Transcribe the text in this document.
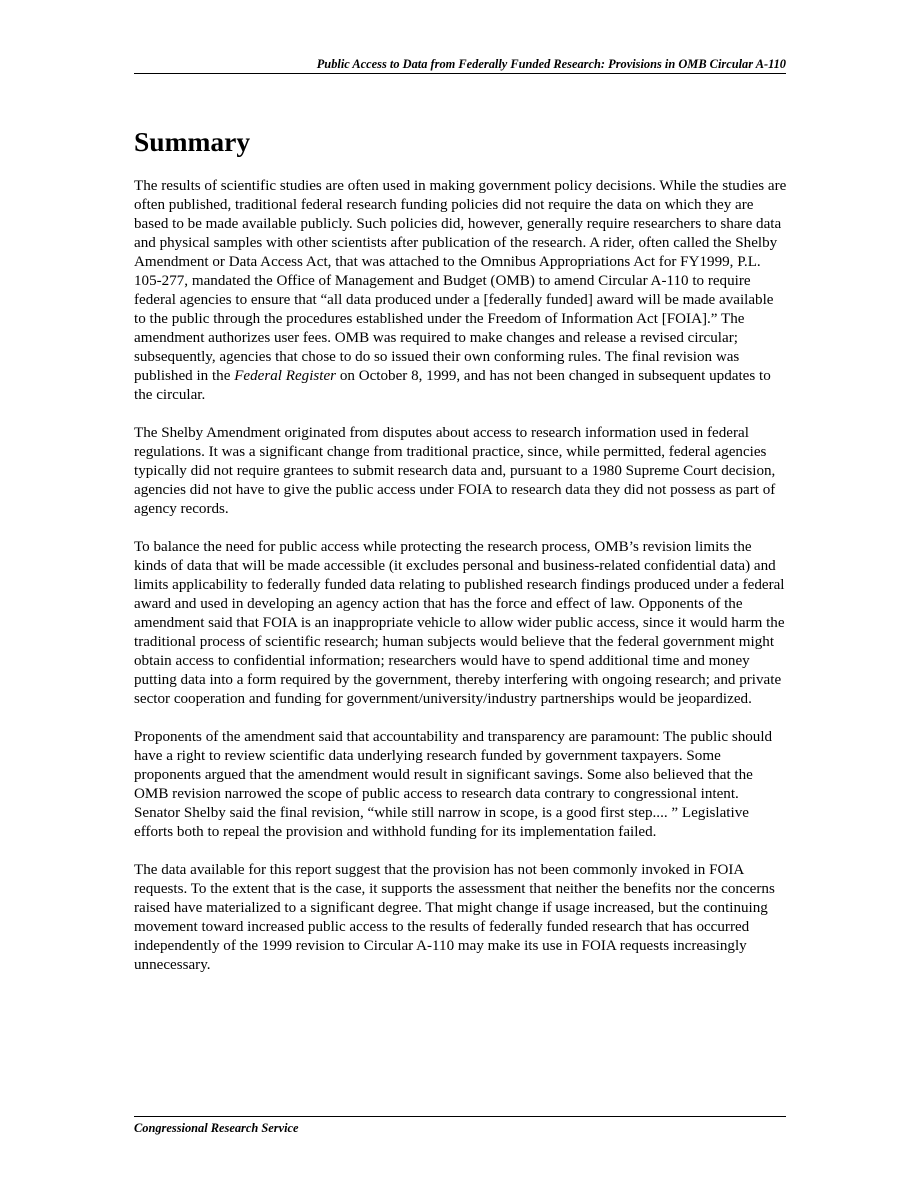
Public Access to Data from Federally Funded Research: Provisions in OMB Circular A-110
Summary

The results of scientific studies are often used in making government policy decisions. While the studies are often published, traditional federal research funding policies did not require the data on which they are based to be made available publicly. Such policies did, however, generally require researchers to share data and physical samples with other scientists after publication of the research. A rider, often called the Shelby Amendment or Data Access Act, that was attached to the Omnibus Appropriations Act for FY1999, P.L. 105-277, mandated the Office of Management and Budget (OMB) to amend Circular A-110 to require federal agencies to ensure that “all data produced under a [federally funded] award will be made available to the public through the procedures established under the Freedom of Information Act [FOIA].” The amendment authorizes user fees. OMB was required to make changes and release a revised circular; subsequently, agencies that chose to do so issued their own conforming rules. The final revision was published in the Federal Register on October 8, 1999, and has not been changed in subsequent updates to the circular.

The Shelby Amendment originated from disputes about access to research information used in federal regulations. It was a significant change from traditional practice, since, while permitted, federal agencies typically did not require grantees to submit research data and, pursuant to a 1980 Supreme Court decision, agencies did not have to give the public access under FOIA to research data they did not possess as part of agency records.

To balance the need for public access while protecting the research process, OMB’s revision limits the kinds of data that will be made accessible (it excludes personal and business-related confidential data) and limits applicability to federally funded data relating to published research findings produced under a federal award and used in developing an agency action that has the force and effect of law. Opponents of the amendment said that FOIA is an inappropriate vehicle to allow wider public access, since it would harm the traditional process of scientific research; human subjects would believe that the federal government might obtain access to confidential information; researchers would have to spend additional time and money putting data into a form required by the government, thereby interfering with ongoing research; and private sector cooperation and funding for government/university/industry partnerships would be jeopardized.

Proponents of the amendment said that accountability and transparency are paramount: The public should have a right to review scientific data underlying research funded by government taxpayers. Some proponents argued that the amendment would result in significant savings. Some also believed that the OMB revision narrowed the scope of public access to research data contrary to congressional intent. Senator Shelby said the final revision, “while still narrow in scope, is a good first step.... ” Legislative efforts both to repeal the provision and withhold funding for its implementation failed.

The data available for this report suggest that the provision has not been commonly invoked in FOIA requests. To the extent that is the case, it supports the assessment that neither the benefits nor the concerns raised have materialized to a significant degree. That might change if usage increased, but the continuing movement toward increased public access to the results of federally funded research that has occurred independently of the 1999 revision to Circular A-110 may make its use in FOIA requests increasingly unnecessary.

Congressional Research Service
